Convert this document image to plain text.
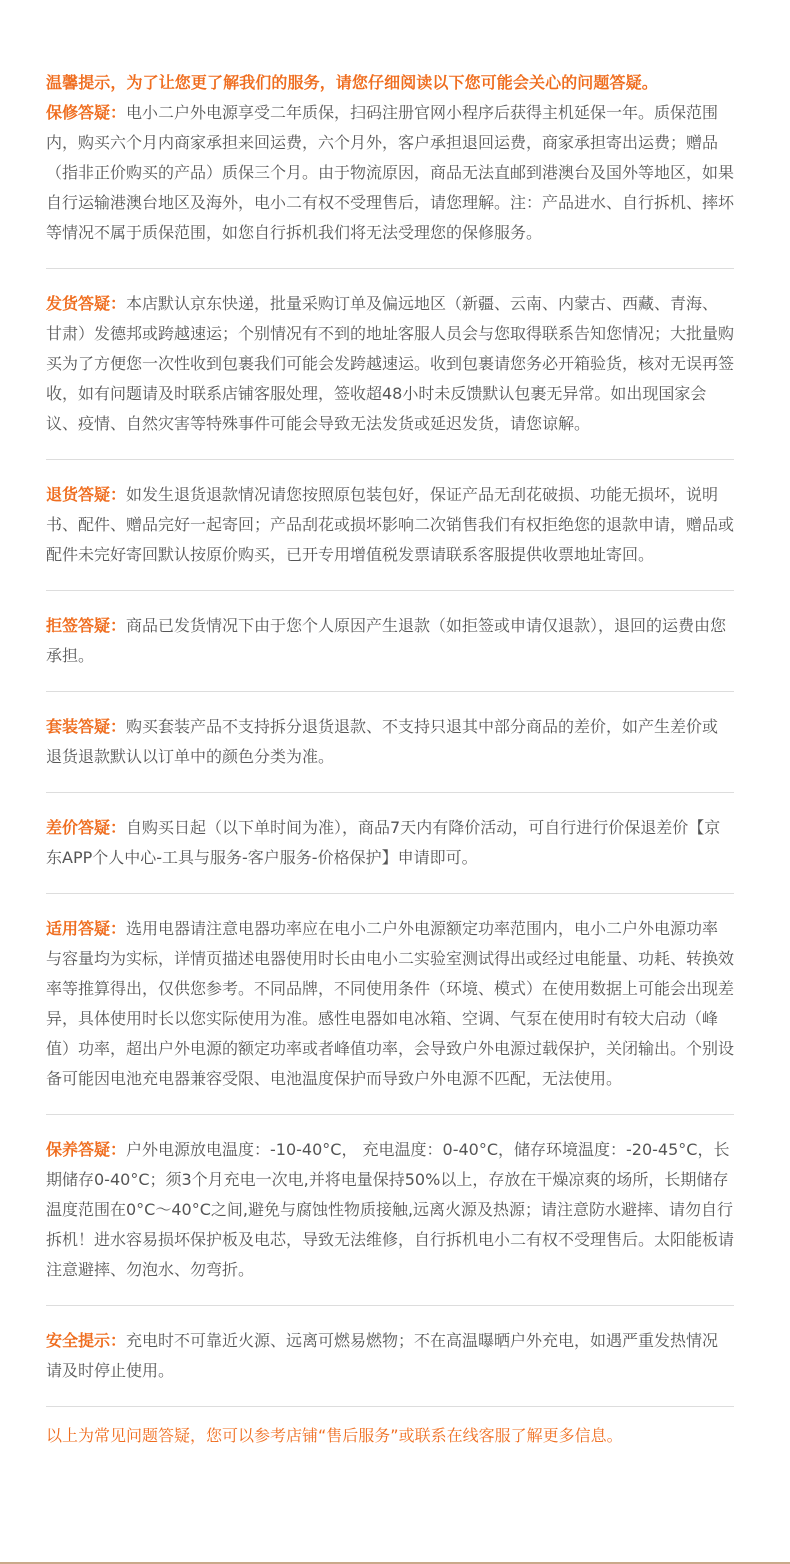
温馨提示，为了让您更了解我们的服务，请您仔细阅读以下您可能会关心的问题答疑。

保修答疑：电小二户外电源享受二年质保，扫码注册官网小程序后获得主机延保一年。质保范围内，购买六个月内商家承担来回运费，六个月外，客户承担退回运费，商家承担寄出运费；赠品（指非正价购买的产品）质保三个月。由于物流原因，商品无法直邮到港澳台及国外等地区，如果自行运输港澳台地区及海外，电小二有权不受理售后，请您理解。注：产品进水、自行拆机、摔坏等情况不属于质保范围，如您自行拆机我们将无法受理您的保修服务。

发货答疑：本店默认京东快递，批量采购订单及偏远地区（新疆、云南、内蒙古、西藏、青海、甘肃）发德邦或跨越速运；个别情况有不到的地址客服人员会与您取得联系告知您情况；大批量购买为了方便您一次性收到包裹我们可能会发跨越速运。收到包裹请您务必开箱验货，核对无误再签收，如有问题请及时联系店铺客服处理，签收超48小时未反馈默认包裹无异常。如出现国家会议、疫情、自然灾害等特殊事件可能会导致无法发货或延迟发货，请您谅解。

退货答疑：如发生退货退款情况请您按照原包装包好，保证产品无刮花破损、功能无损坏，说明书、配件、赠品完好一起寄回；产品刮花或损坏影响二次销售我们有权拒绝您的退款申请，赠品或配件未完好寄回默认按原价购买，已开专用增值税发票请联系客服提供收票地址寄回。

拒签答疑：商品已发货情况下由于您个人原因产生退款（如拒签或申请仅退款），退回的运费由您承担。

套装答疑：购买套装产品不支持拆分退货退款、不支持只退其中部分商品的差价，如产生差价或退货退款默认以订单中的颜色分类为准。

差价答疑：自购买日起（以下单时间为准），商品7天内有降价活动，可自行进行价保退差价【京东APP个人中心-工具与服务-客户服务-价格保护】申请即可。

适用答疑：选用电器请注意电器功率应在电小二户外电源额定功率范围内，电小二户外电源功率与容量均为实标，详情页描述电器使用时长由电小二实验室测试得出或经过电能量、功耗、转换效率等推算得出，仅供您参考。不同品牌，不同使用条件（环境、模式）在使用数据上可能会出现差异，具体使用时长以您实际使用为准。感性电器如电冰箱、空调、气泵在使用时有较大启动（峰值）功率，超出户外电源的额定功率或者峰值功率，会导致户外电源过载保护，关闭输出。个别设备可能因电池充电器兼容受限、电池温度保护而导致户外电源不匹配，无法使用。

保养答疑：户外电源放电温度：-10-40°C， 充电温度：0-40°C，储存环境温度：-20-45°C，长期储存0-40°C；须3个月充电一次电,并将电量保持50%以上，存放在干燥凉爽的场所，长期储存温度范围在0°C～40°C之间,避免与腐蚀性物质接触,远离火源及热源；请注意防水避摔、请勿自行拆机！进水容易损坏保护板及电芯，导致无法维修，自行拆机电小二有权不受理售后。太阳能板请注意避摔、勿泡水、勿弯折。

安全提示：充电时不可靠近火源、远离可燃易燃物；不在高温曝晒户外充电，如遇严重发热情况请及时停止使用。

以上为常见问题答疑，您可以参考店铺“售后服务”或联系在线客服了解更多信息。
